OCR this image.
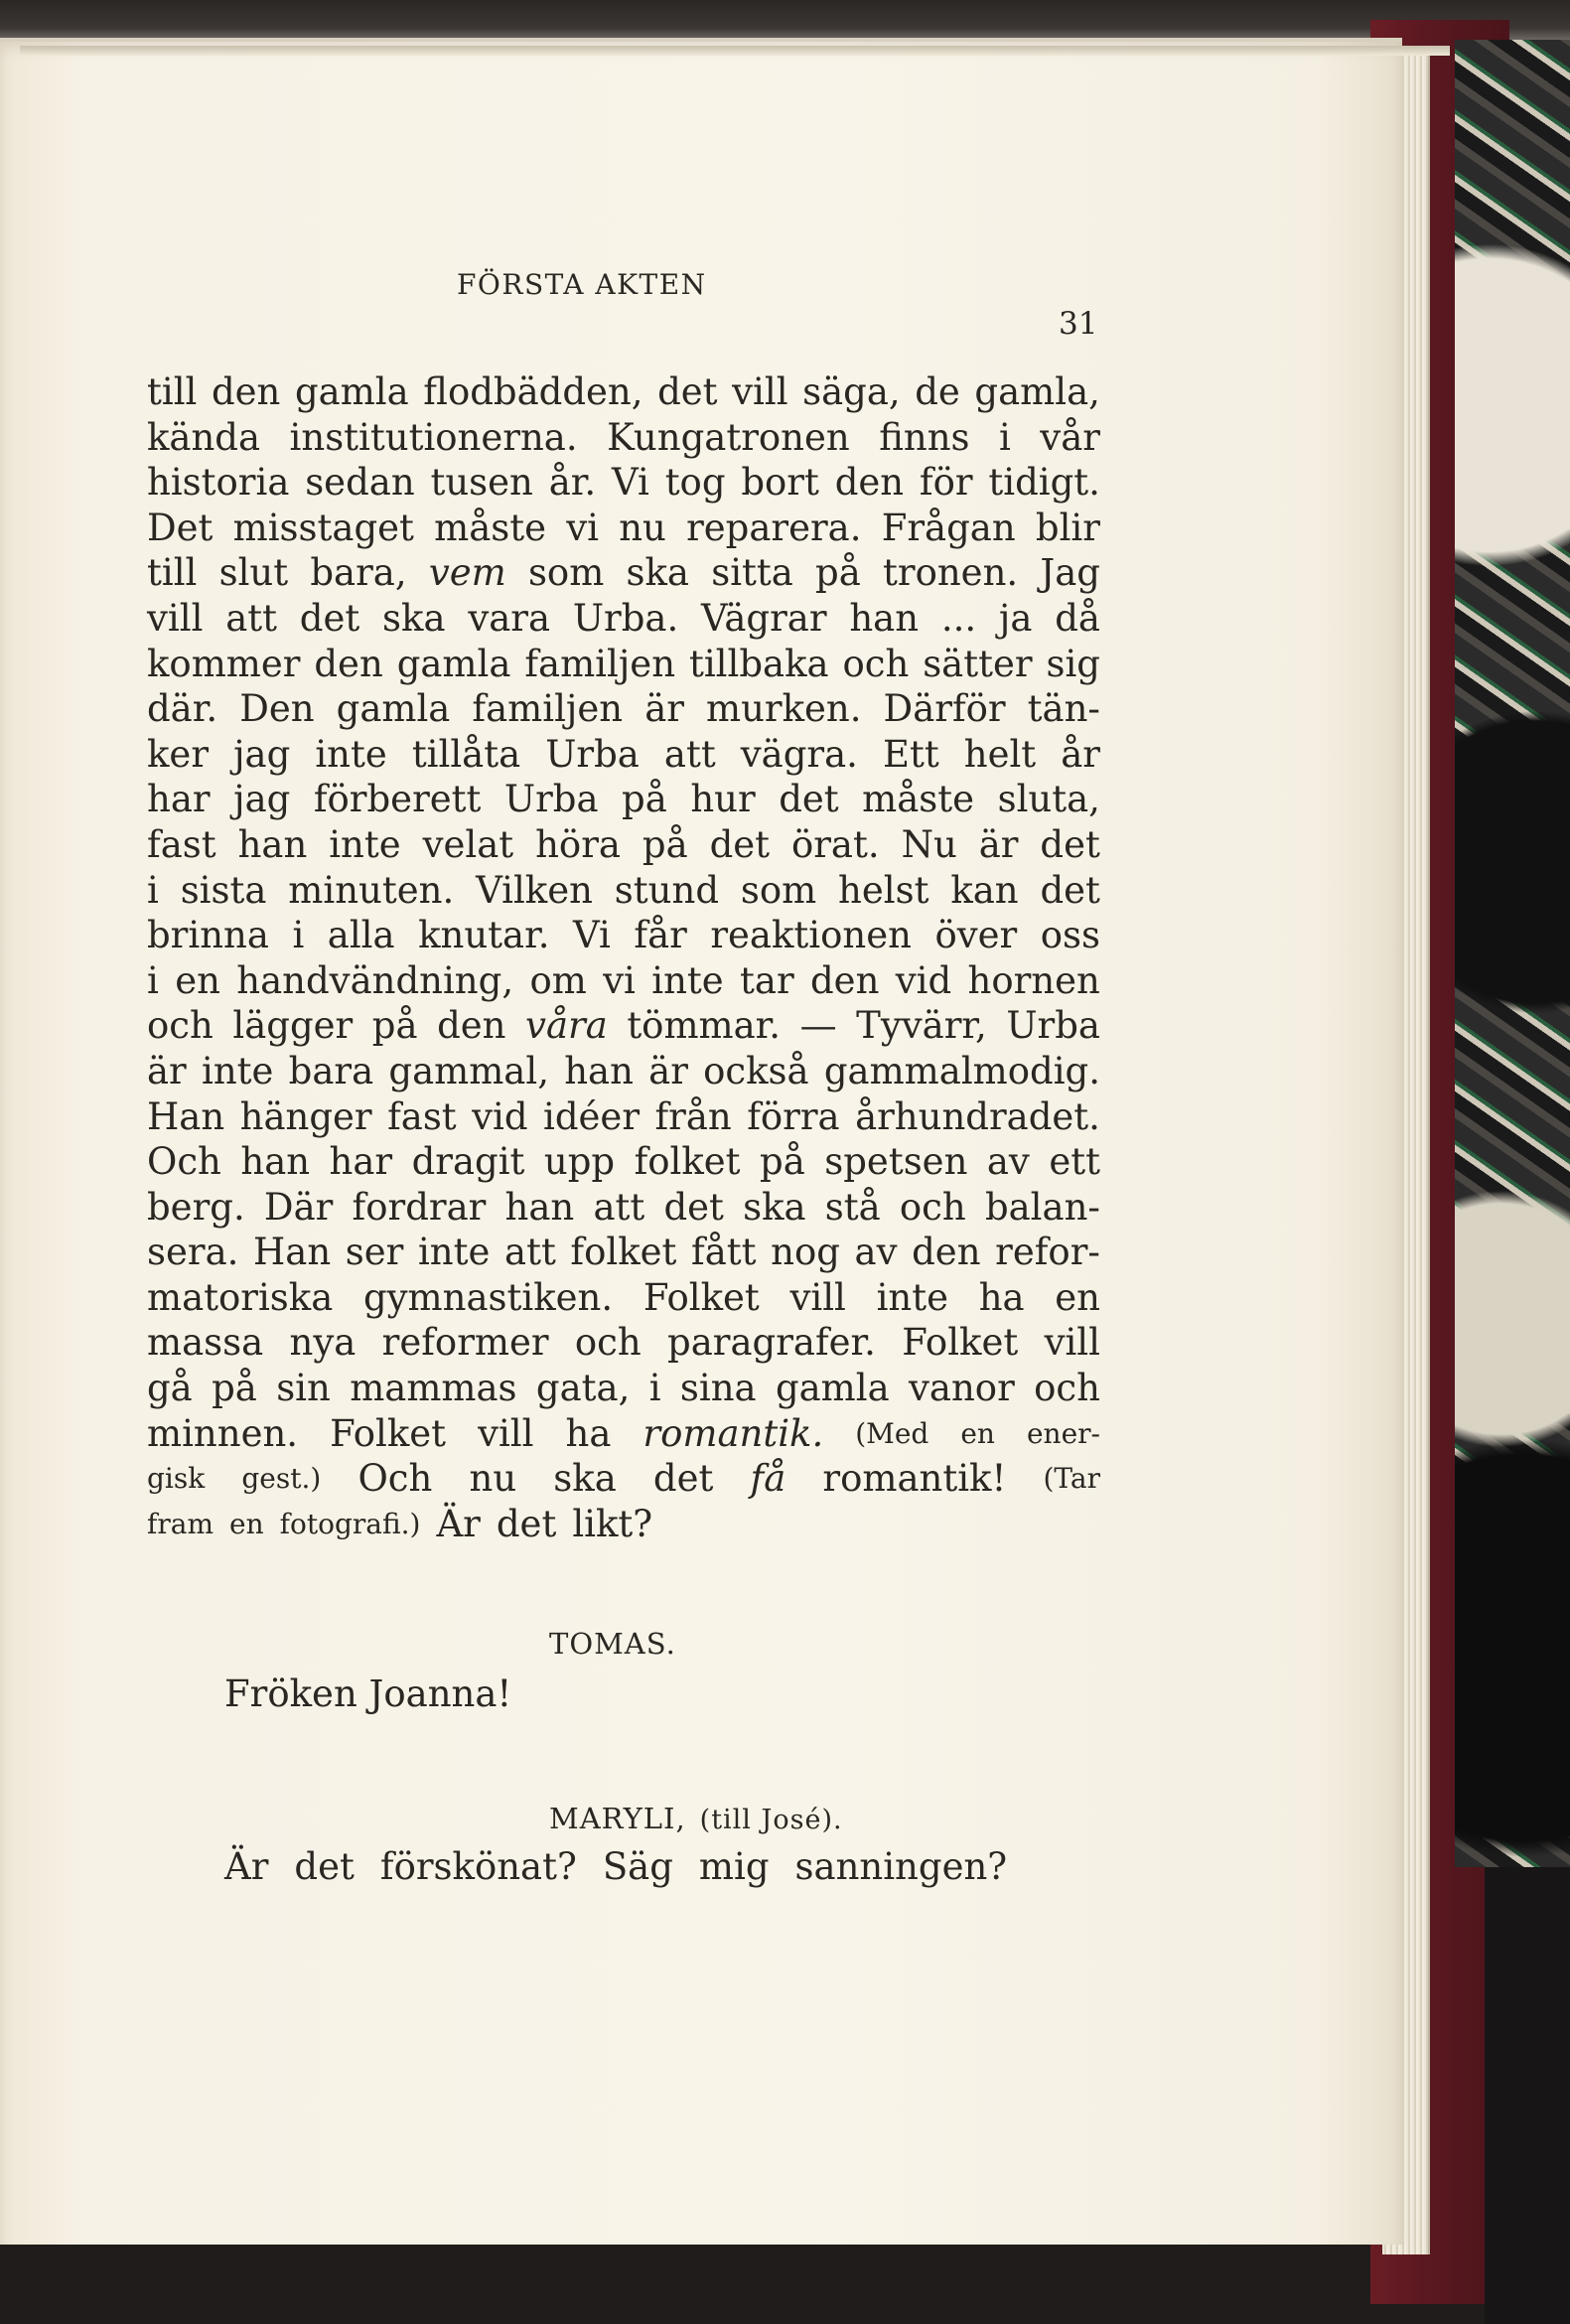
FÖRSTA AKTEN
31
till den gamla flodbädden, det vill säga, de gamla,
kända institutionerna. Kungatronen finns i vår
historia sedan tusen år. Vi tog bort den för tidigt.
Det misstaget måste vi nu reparera. Frågan blir
till slut bara, vem som ska sitta på tronen. Jag
vill att det ska vara Urba. Vägrar han ... ja då
kommer den gamla familjen tillbaka och sätter sig
där. Den gamla familjen är murken. Därför tän-
ker jag inte tillåta Urba att vägra. Ett helt år
har jag förberett Urba på hur det måste sluta,
fast han inte velat höra på det örat. Nu är det
i sista minuten. Vilken stund som helst kan det
brinna i alla knutar. Vi får reaktionen över oss
i en handvändning, om vi inte tar den vid hornen
och lägger på den våra tömmar. — Tyvärr, Urba
är inte bara gammal, han är också gammalmodig.
Han hänger fast vid idéer från förra århundradet.
Och han har dragit upp folket på spetsen av ett
berg. Där fordrar han att det ska stå och balan-
sera. Han ser inte att folket fått nog av den refor-
matoriska gymnastiken. Folket vill inte ha en
massa nya reformer och paragrafer. Folket vill
gå på sin mammas gata, i sina gamla vanor och
minnen. Folket vill ha romantik. (Med en ener-
gisk gest.) Och nu ska det få romantik! (Tar
fram en fotografi.) Är det likt?
TOMAS.
Fröken Joanna!
MARYLI, (till José).
Är det förskönat? Säg mig sanningen?
